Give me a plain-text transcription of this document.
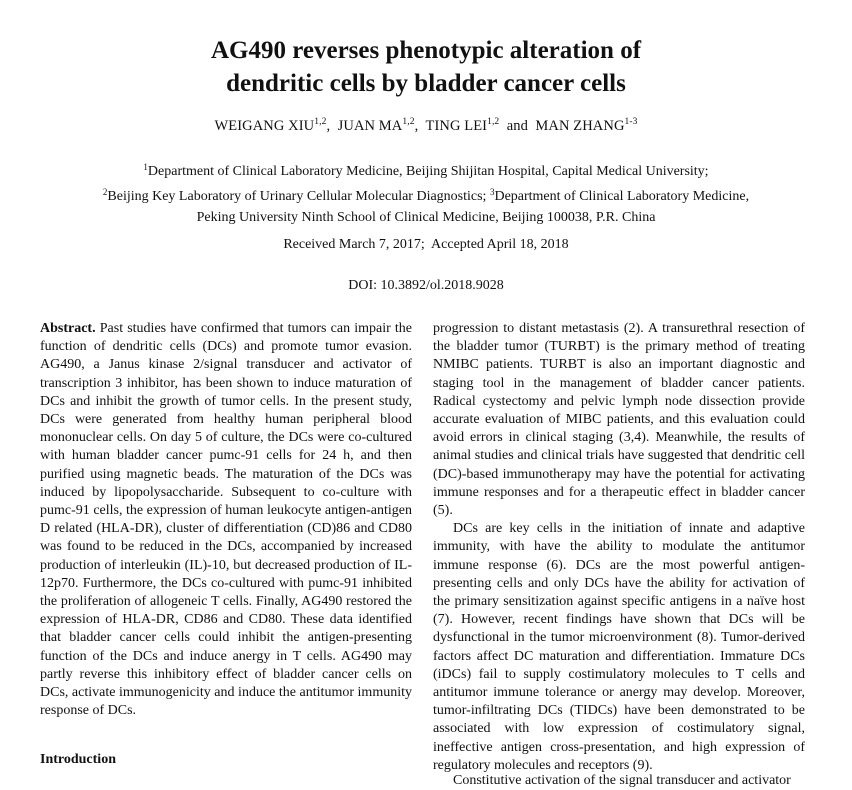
AG490 reverses phenotypic alteration of
dendritic cells by bladder cancer cells
WEIGANG XIU$^{1,2}$,  JUAN MA$^{1,2}$,  TING LEI$^{1,2}$  and  MAN ZHANG$^{1-3}$
$^1$Department of Clinical Laboratory Medicine, Beijing Shijitan Hospital, Capital Medical University;
$^2$Beijing Key Laboratory of Urinary Cellular Molecular Diagnostics; $^3$Department of Clinical Laboratory Medicine,
Peking University Ninth School of Clinical Medicine, Beijing 100038, P.R. China
Received March 7, 2017;  Accepted April 18, 2018
DOI: 10.3892/ol.2018.9028

Abstract. Past studies have confirmed that tumors can impair the function of dendritic cells (DCs) and promote tumor evasion. AG490, a Janus kinase 2/signal transducer and activator of transcription 3 inhibitor, has been shown to induce maturation of DCs and inhibit the growth of tumor cells. In the present study, DCs were generated from healthy human peripheral blood mononuclear cells. On day 5 of culture, the DCs were co-cultured with human bladder cancer pumc-91 cells for 24 h, and then purified using magnetic beads. The maturation of the DCs was induced by lipopolysaccharide. Subsequent to co-culture with pumc-91 cells, the expression of human leukocyte antigen-antigen D related (HLA-DR), cluster of differentiation (CD)86 and CD80 was found to be reduced in the DCs, accompanied by increased production of interleukin (IL)-10, but decreased production of IL-12p70. Furthermore, the DCs co-cultured with pumc-91 inhibited the proliferation of allogeneic T cells. Finally, AG490 restored the expression of HLA-DR, CD86 and CD80. These data identified that bladder cancer cells could inhibit the antigen-presenting function of the DCs and induce anergy in T cells. AG490 may partly reverse this inhibitory effect of bladder cancer cells on DCs, activate immunogenicity and induce the antitumor immunity response of DCs.

Introduction

progression to distant metastasis (2). A transurethral resection of the bladder tumor (TURBT) is the primary method of treating NMIBC patients. TURBT is also an important diagnostic and staging tool in the management of bladder cancer patients. Radical cystectomy and pelvic lymph node dissection provide accurate evaluation of MIBC patients, and this evaluation could avoid errors in clinical staging (3,4). Meanwhile, the results of animal studies and clinical trials have suggested that dendritic cell (DC)-based immunotherapy may have the potential for activating immune responses and for a therapeutic effect in bladder cancer (5).

DCs are key cells in the initiation of innate and adaptive immunity, with have the ability to modulate the antitumor immune response (6). DCs are the most powerful antigen-presenting cells and only DCs have the ability for activation of the primary sensitization against specific antigens in a naïve host (7). However, recent findings have shown that DCs will be dysfunctional in the tumor microenvironment (8). Tumor-derived factors affect DC maturation and differentiation. Immature DCs (iDCs) fail to supply costimulatory molecules to T cells and antitumor immune tolerance or anergy may develop. Moreover, tumor-infiltrating DCs (TIDCs) have been demonstrated to be associated with low expression of costimulatory signal, ineffective antigen cross-presentation, and high expression of regulatory molecules and receptors (9).

Constitutive activation of the signal transducer and activator
